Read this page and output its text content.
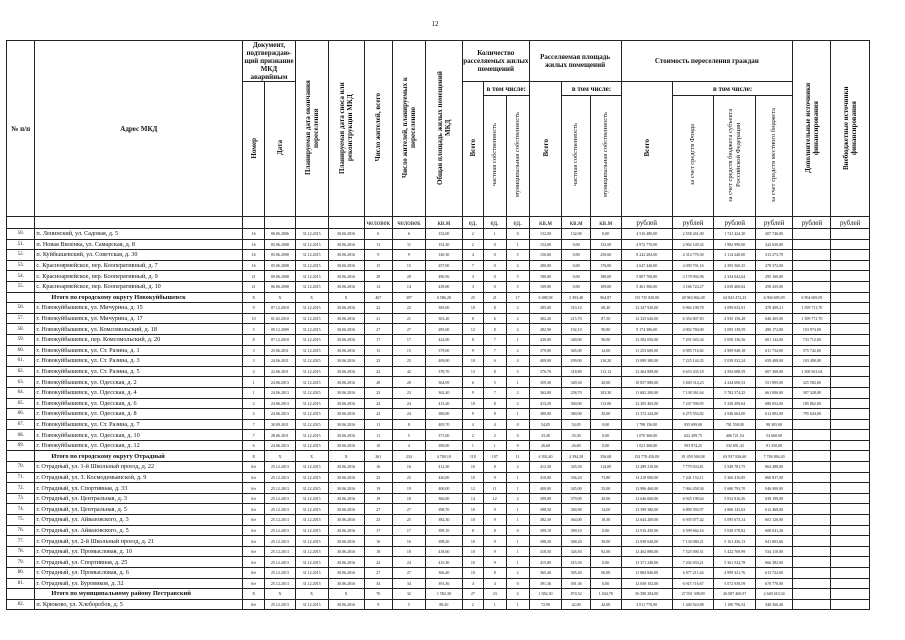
12
№ п/п	Адрес МКД	Документ, подтверждаю-щий признание МКД аварийным		Планируемая дата окончания переселения	Планируемая дата сноса или реконструкции МКД	Число жителей, всего	Число жителей, планируемых к переселению	Общая площадь жилых помещений МКД	Количество расселяемых жилых помещений			Расселяемая площадь жилых помещений			Стоимость переселения граждан				Дополнительные источники финансирования	Внебюджетные источники финансирования
		Номер	Дата						Всего	в том числе:		Всего	в том числе:		Всего	в том числе:				
										частная собственность	муниципальная собственность		частная собственность	муниципальная собственность		за счет средств Фонда	за счет средств бюджета субъекта Российской Федерации	за счет средств местного бюджета		
						человек	человек	кв.м	ед.	ед.	ед.	кв.м	кв.м	кв.м	рублей	рублей	рублей	рублей	рублей	рублей
50.	п. Ленинский, ул. Садовая, д. 5	16	06.06.2006	31.12.2015	30.06.2016	6	6	132,00	2	1	0	132,00	132,00	0,00	4 516 480,00	2 558 261,00	1 741 424,30	207 746,00		
51.	п. Новая Виленка, ул. Самарская, д. 8	16	05.06.2008	31.12.2015	30.06.2016	11	11	152,30	2	0	1	154,00	0,00	152,00	4 972 770,00	2 902 149,32	1 982 990,00	242 630,00		
52.	п. Куйбышевский, ул. Советская, д. 30	16	05.06.2008	31.12.2015	30.06.2016	9	9	140,30	4	0	5	150,60	0,00	250,60	8 242 284,00	4 314 770,30	3 114 240,00	313 273,70		
53.	с. Красноярмейское, пер. Кооперативный, д. 7	16	05.06.2008	31.12.2015	30.06.2016	15	15	257,00	7	0	4	280,00	0,00	176,00	2 647 440,00	4 059 701,16	2 393 560,25	278 372,00		
54.	с. Красноармейское, пер. Кооперативный, д. 9	21	09.06.2008	31.12.2015	30.06.2016	28	28	490,56	3	0	5	180,00	0,00	180,00	5 807 760,00	3 178 092,96	2 334 042,64	295 160,00		
55.	с. Красноармейское, пер. Кооперативный, д. 10	21	06.06.2008	31.12.2015	30.06.2016	14	14	439,00	3	0	5	109,00	0,00	109,00	5 461 500,00	3 166 724,27	2 039 400,02	258 435,00		
	Итого по городскому округу Новокуйбышевск	X	X	X	X	467	397	6 586,28	25	21	17	6 388,58	2 393,48	964,87	135 735 820,00	28 963 862,48	64 823 472,43	6 904 685,09	6 904 685,09	
56.	г. Новокуйбышевск, ул. Мичурина, д. 15	9	07.12.2010	31.12.2015	30.06.2016	22	22	385,00	10	8	2	385,00	310,10	68,40	12 347 920,00	6 964 198,78	4 099 632,91	478 409,21	1 599 711,70	
57.	г. Новокуйбышевск, ул. Мичурина, д. 17	10	01.02.2010	31.12.2015	30.06.2016	21	21	303,20	8	6	2	302,20	215,70	87,50	12 325 626,00	6 354 807,83	4 935 156,28	646 265,00	1 399 771,70	
58.	г. Новокуйбышевск, ул. Комсомольский, д. 18	5	09.12.2009	31.12.2015	30.06.2016	27	27	285,00	12	8	4	282,90	192,10	90,80	9 174 386,00	4 902 760,00	3 095 138,59	490 172,80	153 974,00	
59.	г. Новокуйбышевск, пер. Комсомольский, д. 20	8	07.12.2010	31.12.2015	30.06.2016	17	17	422,00	8	7	1	430,00	340,00	90,00	13 582 056,00	7 291 043,34	5 050 136,56	601 142,00	733 712,00	
60.	г. Новокуйбышевск, ул. Ст. Разина, д. 1	3	25.06.2011	31.12.2015	30.06.2016	15	15	379,00	9	7	2	379,00	365,00	14,00	11 253 600,00	6 985 716,82	4 909 948,18	611 734,00	575 742,00	
61.	г. Новокуйбышевск, ул. Ст. Разина, д. 3	3	24.06.2011	31.12.2015	30.06.2016	25	25	409,00	10	6	4	409,00	299,00	110,20	13 089 380,00	7 225 144,35	5 039 532,24	659 408,00	103 490,00	
62.	г. Новокуйбышевск, ул. Ст. Разина, д. 5	4	22.06.2011	31.12.2015	30.06.2016	42	42	378,70	13	8	5	376,70	318,80	113,12	12 464 808,00	6 653 435,18	4 594 688,59	607 368,00	1 308 561,04	
63.	г. Новокуйбышевск, ул. Одесская, д. 2	1	24.06.2013	31.12.2015	30.06.2016	28	28	364,09	6	5	1	359,30	349,30	20,00	10 857 880,00	5 849 314,23	4 244 690,53	551 895,00	325 582,00	
64.	г. Новокуйбышевск, ул. Одесская, д. 4	1	24.06.2013	31.12.2015	30.06.2016	23	23	362,40	9	7	2	362,00	258,70	103,30	11 682 200,00	7 138 361,64	5 782 374,25	661 006,00	307 328,00	
65.	г. Новокуйбышевск, ул. Одесская, д. 6	2	24.06.2013	31.12.2015	30.06.2016	24	24	413,20	10	8	2	413,20	300,00	113,00	12 305 465,00	7 247 590,95	5 330 209,64	680 052,00	185 862,00	
66.	г. Новокуйбышевск, ул. Одесская, д. 8	4	24.06.2013	31.12.2015	30.06.2016	24	24	380,00	9	8	1	380,00	380,00	20,00	12 372 244,00	6 275 554,82	4 946 664,00	612 002,00	795 644,00	
67.	г. Новокуйбышевск, ул. Ст. Разина, д. 7	7	30.09.2011	31.12.2015	30.06.2016	11	8	405,70	4	4	0	54,05	54,05	0,00	1 798 156,00	935 699,00	701 558,00	98 305,00		
68.	г. Новокуйбышевск, ул. Одесская, д. 10	7	28.06.2011	31.12.2015	30.06.2016	11	5	371,00	2	2	0	33,30	33,30	0,00	1 070 360,00	622 209,75	406 721,54	54 660,00		
69.	г. Новокуйбышевск, ул. Одесская, д. 12	6	24.06.2013	31.12.2015	30.06.2016	10	4	390,00	1	1	0	26,60	26,60	0,00	1 021 360,00	593 874,25	332 691,43	91 250,00		
	Итого по городскому округу Отрадный	X	X	X	X	261	234	4 700,10	118	107	11	4 392,40	4 394,28	356,68	154 778 450,00	81 459 568,08	63 937 826,60	7 784 884,40		
70.	г. Отрадный, ул. 1-й Школьный проезд, д. 22	6/е	25.12.2013	31.12.2015	30.06.2016	16	16	412,30	10	8	2	412,30	345,30	114,00	12 289 210,00	7 779 033,81	5 549 781,75	864 488,00		
71.	г. Отрадный, ул. З. Космодемьянской, д. 9	6/е	25.12.2013	31.12.2015	30.06.2016	25	25	420,00	10	9	1	410,00	336,20	73,80	14 218 000,00	7 241 153,11	5 360 416,85	860 837,00		
72.	г. Отрадный, ул. Спортивная, д. 33	6/е	25.12.2013	31.12.2015	30.06.2016	19	19	400,00	12	11	1	400,00	345,00	55,00	12 986 460,00	7 064 458,30	5 680 793,70	946 900,00		
73.	г. Отрадный, ул. Центральная, д. 3	6/е	25.12.2013	31.12.2015	30.06.2016	18	18	366,00	14	12	2	399,00	379,00	20,00	12 646 660,00	6 925 198,64	5 052 816,56	638 199,00		
74.	г. Отрадный, ул. Центральная, д. 5	6/е	25.12.2013	31.12.2015	30.06.2016	27	27	398,70	10	9	1	398,50	384,90	14,00	13 399 380,00	6 890 393,97	4 866 125,63	612 468,00		
75.	г. Отрадный, ул. Айвазовского, д. 3	6/е	25.12.2013	31.12.2015	30.06.2016	25	25	382,30	10	9	1	382,30	364,00	18,30	12 644 200,00	6 935 077,42	5 095 673,14	603 126,00		
76.	г. Отрадный, ул. Айвазовского, д. 5	6/е	25.12.2013	31.12.2015	30.06.2016	17	17	399,10	8	8	0	399,10	399,10	0,00	12 916 450,00	6 599 664,16	5 028 578,82	608 041,20		
77.	г. Отрадный, ул. 2-й Школьный проезд, д. 21	6/е	25.12.2013	31.12.2015	30.06.2016	16	16	398,20	10	9	1	398,20	368,20	30,00	12 938 640,00	7 134 080,21	5 161 456,13	641 803,66		
78.	г. Отрадный, ул. Промысловая, д. 10	6/е	25.12.2013	31.12.2015	30.06.2016	18	18	418,60	10	9	1	418,50	326,50	92,00	12 462 880,00	7 525 000,31	5 422 769,99	534 110,00		
79.	г. Отрадный, ул. Спортивная, д. 25	6/е	25.12.2013	31.12.2015	30.06.2016	24	24	415,30	10	9	1	415,80	415,30	0,00	13 371 240,00	7 202 033,21	5 361 524,78	666 382,00		
80.	г. Отрадный, ул. Промысловая, д. 6	6/е	25.12.2013	31.12.2015	30.06.2016	27	27	366,40	10	8	2	365,40	305,40	60,00	11 884 846,00	6 877 211,64	4 999 321,76	613 722,00		
81.	г. Отрадный, ул. Буровиков, д. 32	6/е	25.12.2013	31.12.2015	30.06.2016	34	34	391,36	4	4	0	391,36	391,36	0,00	12 658 102,00	6 915 716,67	5 072 938,59	670 770,00		
	Итого по муниципальному району Пестравский	X	X	X	X	70	32	1 582,30	27	23	4	1 582,30	874,52	1 044,78	56 588 284,00	27 931 308,09	26 087 460,97	2 649 410,34		
82.	п. Крюково, ул. Хлеборобов, д. 5	6/е	25.12.2013	31.12.2015	30.06.2016	9	5	88,20	2	1	1	72,90	42,00	42,00	2 011 770,00	1 440 924,88	1 190 796,52	340 366,40		
